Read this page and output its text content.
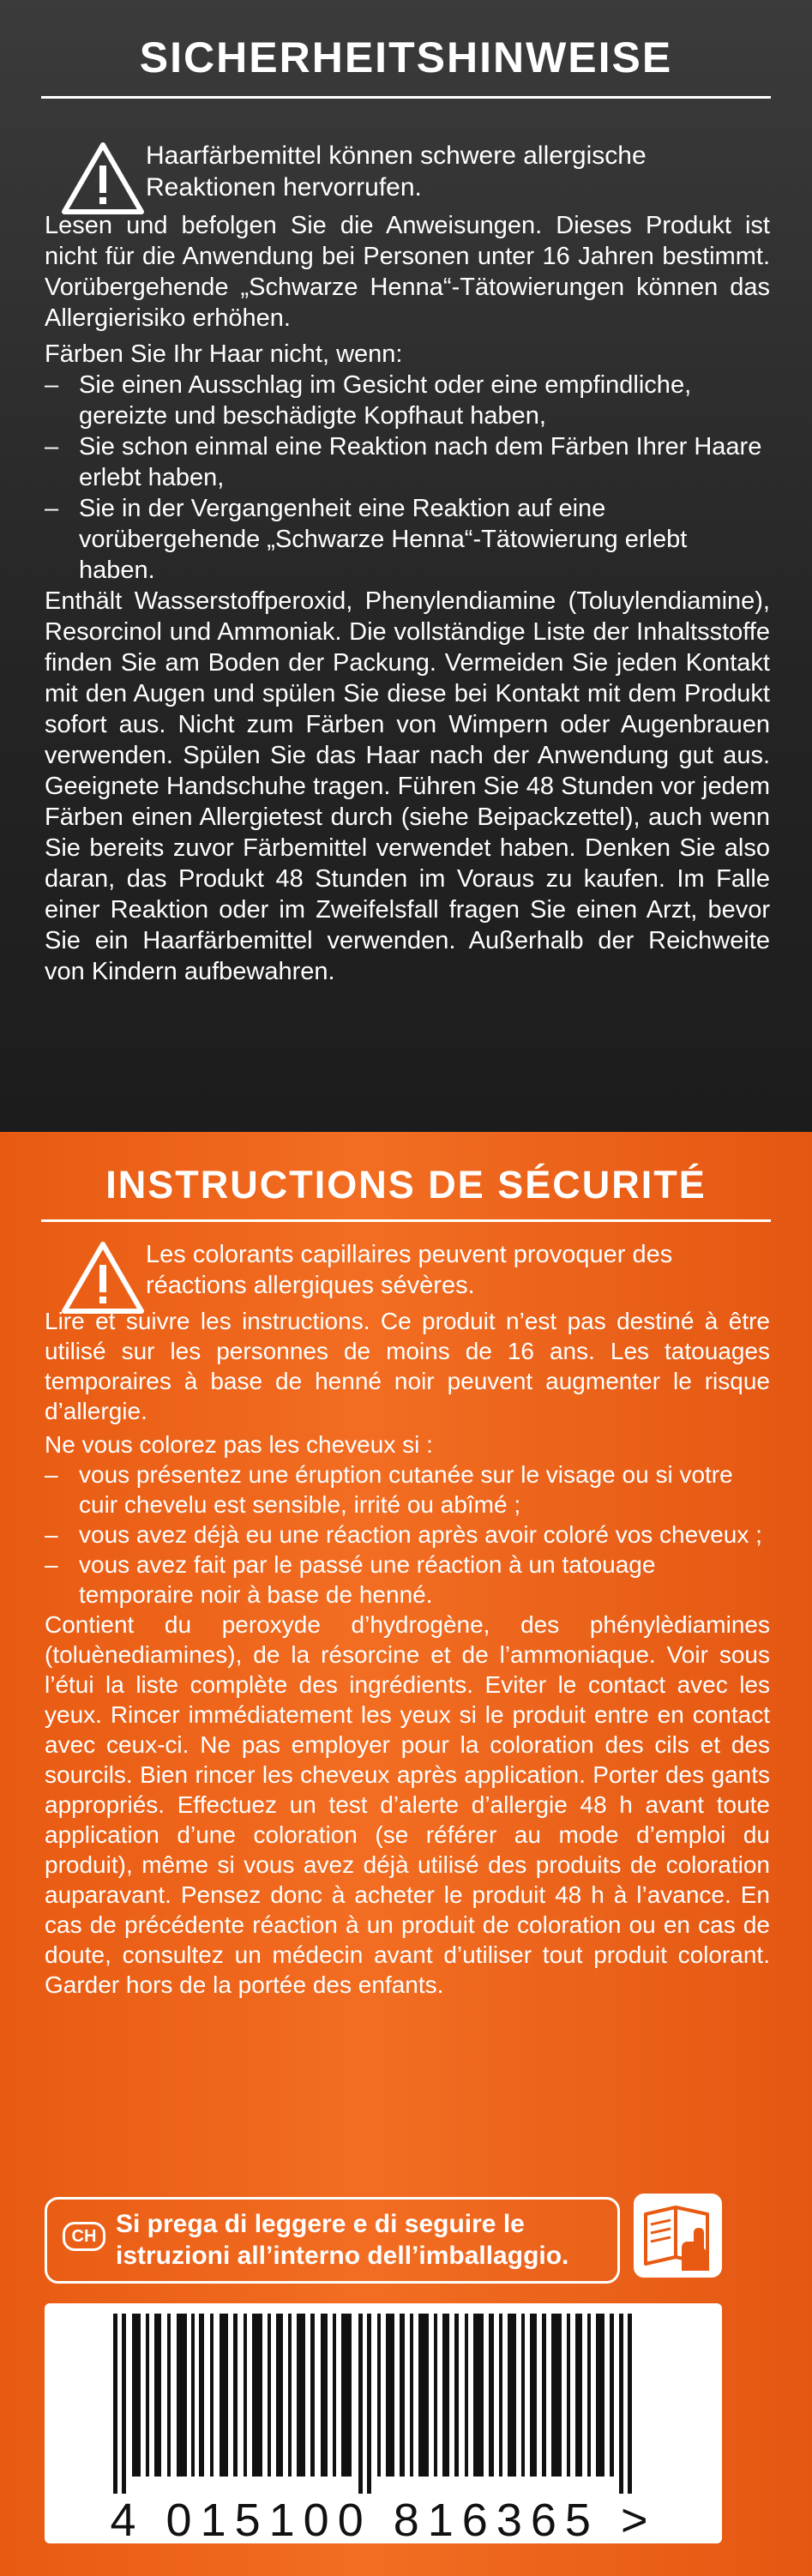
SICHERHEITSHINWEISE
Haarfärbemittel können schwere allergische Reaktionen hervorrufen.

Lesen und befolgen Sie die Anweisungen. Dieses Produkt ist nicht für die Anwendung bei Personen unter 16 Jahren bestimmt. Vorübergehende „Schwarze Henna“-Tätowierungen können das Allergierisiko erhöhen.

Färben Sie Ihr Haar nicht, wenn:

– Sie einen Ausschlag im Gesicht oder eine empfindliche, gereizte und beschädigte Kopfhaut haben,
– Sie schon einmal eine Reaktion nach dem Färben Ihrer Haare erlebt haben,
– Sie in der Vergangenheit eine Reaktion auf eine vorübergehende „Schwarze Henna“-Tätowierung erlebt haben.

Enthält Wasserstoffperoxid, Phenylendiamine (Toluylendiamine), Resorcinol und Ammoniak. Die vollständige Liste der Inhaltsstoffe finden Sie am Boden der Packung. Vermeiden Sie jeden Kontakt mit den Augen und spülen Sie diese bei Kontakt mit dem Produkt sofort aus. Nicht zum Färben von Wimpern oder Augenbrauen verwenden. Spülen Sie das Haar nach der Anwendung gut aus. Geeignete Handschuhe tragen. Führen Sie 48 Stunden vor jedem Färben einen Allergietest durch (siehe Beipackzettel), auch wenn Sie bereits zuvor Färbemittel verwendet haben. Denken Sie also daran, das Produkt 48 Stunden im Voraus zu kaufen. Im Falle einer Reaktion oder im Zweifelsfall fragen Sie einen Arzt, bevor Sie ein Haarfärbemittel verwenden. Außerhalb der Reichweite von Kindern aufbewahren.

INSTRUCTIONS DE SÉCURITÉ
Les colorants capillaires peuvent provoquer des réactions allergiques sévères.

Lire et suivre les instructions. Ce produit n’est pas destiné à être utilisé sur les personnes de moins de 16 ans. Les tatouages temporaires à base de henné noir peuvent augmenter le risque d’allergie.

Ne vous colorez pas les cheveux si :

– vous présentez une éruption cutanée sur le visage ou si votre cuir chevelu est sensible, irrité ou abîmé ;
– vous avez déjà eu une réaction après avoir coloré vos cheveux ;
– vous avez fait par le passé une réaction à un tatouage temporaire noir à base de henné.

Contient du peroxyde d’hydrogène, des phénylèdiamines (toluènediamines), de la résorcine et de l’ammoniaque. Voir sous l’étui la liste complète des ingrédients. Eviter le contact avec les yeux. Rincer immédiatement les yeux si le produit entre en contact avec ceux-ci. Ne pas employer pour la coloration des cils et des sourcils. Bien rincer les cheveux après application. Porter des gants appropriés. Effectuez un test d’alerte d’allergie 48 h avant toute application d’une coloration (se référer au mode d’emploi du produit), même si vous avez déjà utilisé des produits de coloration auparavant. Pensez donc à acheter le produit 48 h à l’avance. En cas de précédente réaction à un produit de coloration ou en cas de doute, consultez un médecin avant d’utiliser tout produit colorant. Garder hors de la portée des enfants.

CH Si prega di leggere e di seguire le istruzioni all’interno dell’imballaggio.
4 015100 816365 >
